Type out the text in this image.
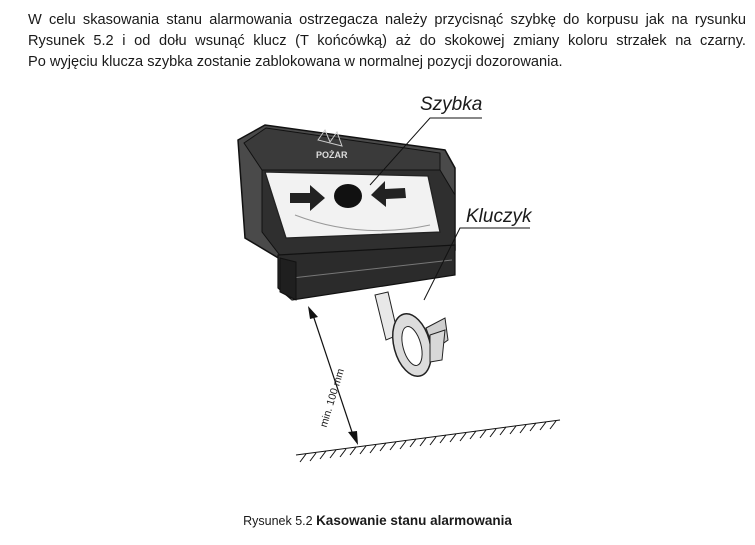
W celu skasowania stanu alarmowania ostrzegacza należy przycisnąć szybkę do korpusu jak na rysunku
Rysunek 5.2 i od dołu wsunąć klucz (T końcówką) aż do skokowej zmiany koloru strzałek na czarny.
Po wyjęciu klucza szybka zostanie zablokowana w normalnej pozycji dozorowania.
POŻAR
Szybka
Kluczyk
min. 100 mm
Rysunek 5.2 Kasowanie stanu alarmowania
